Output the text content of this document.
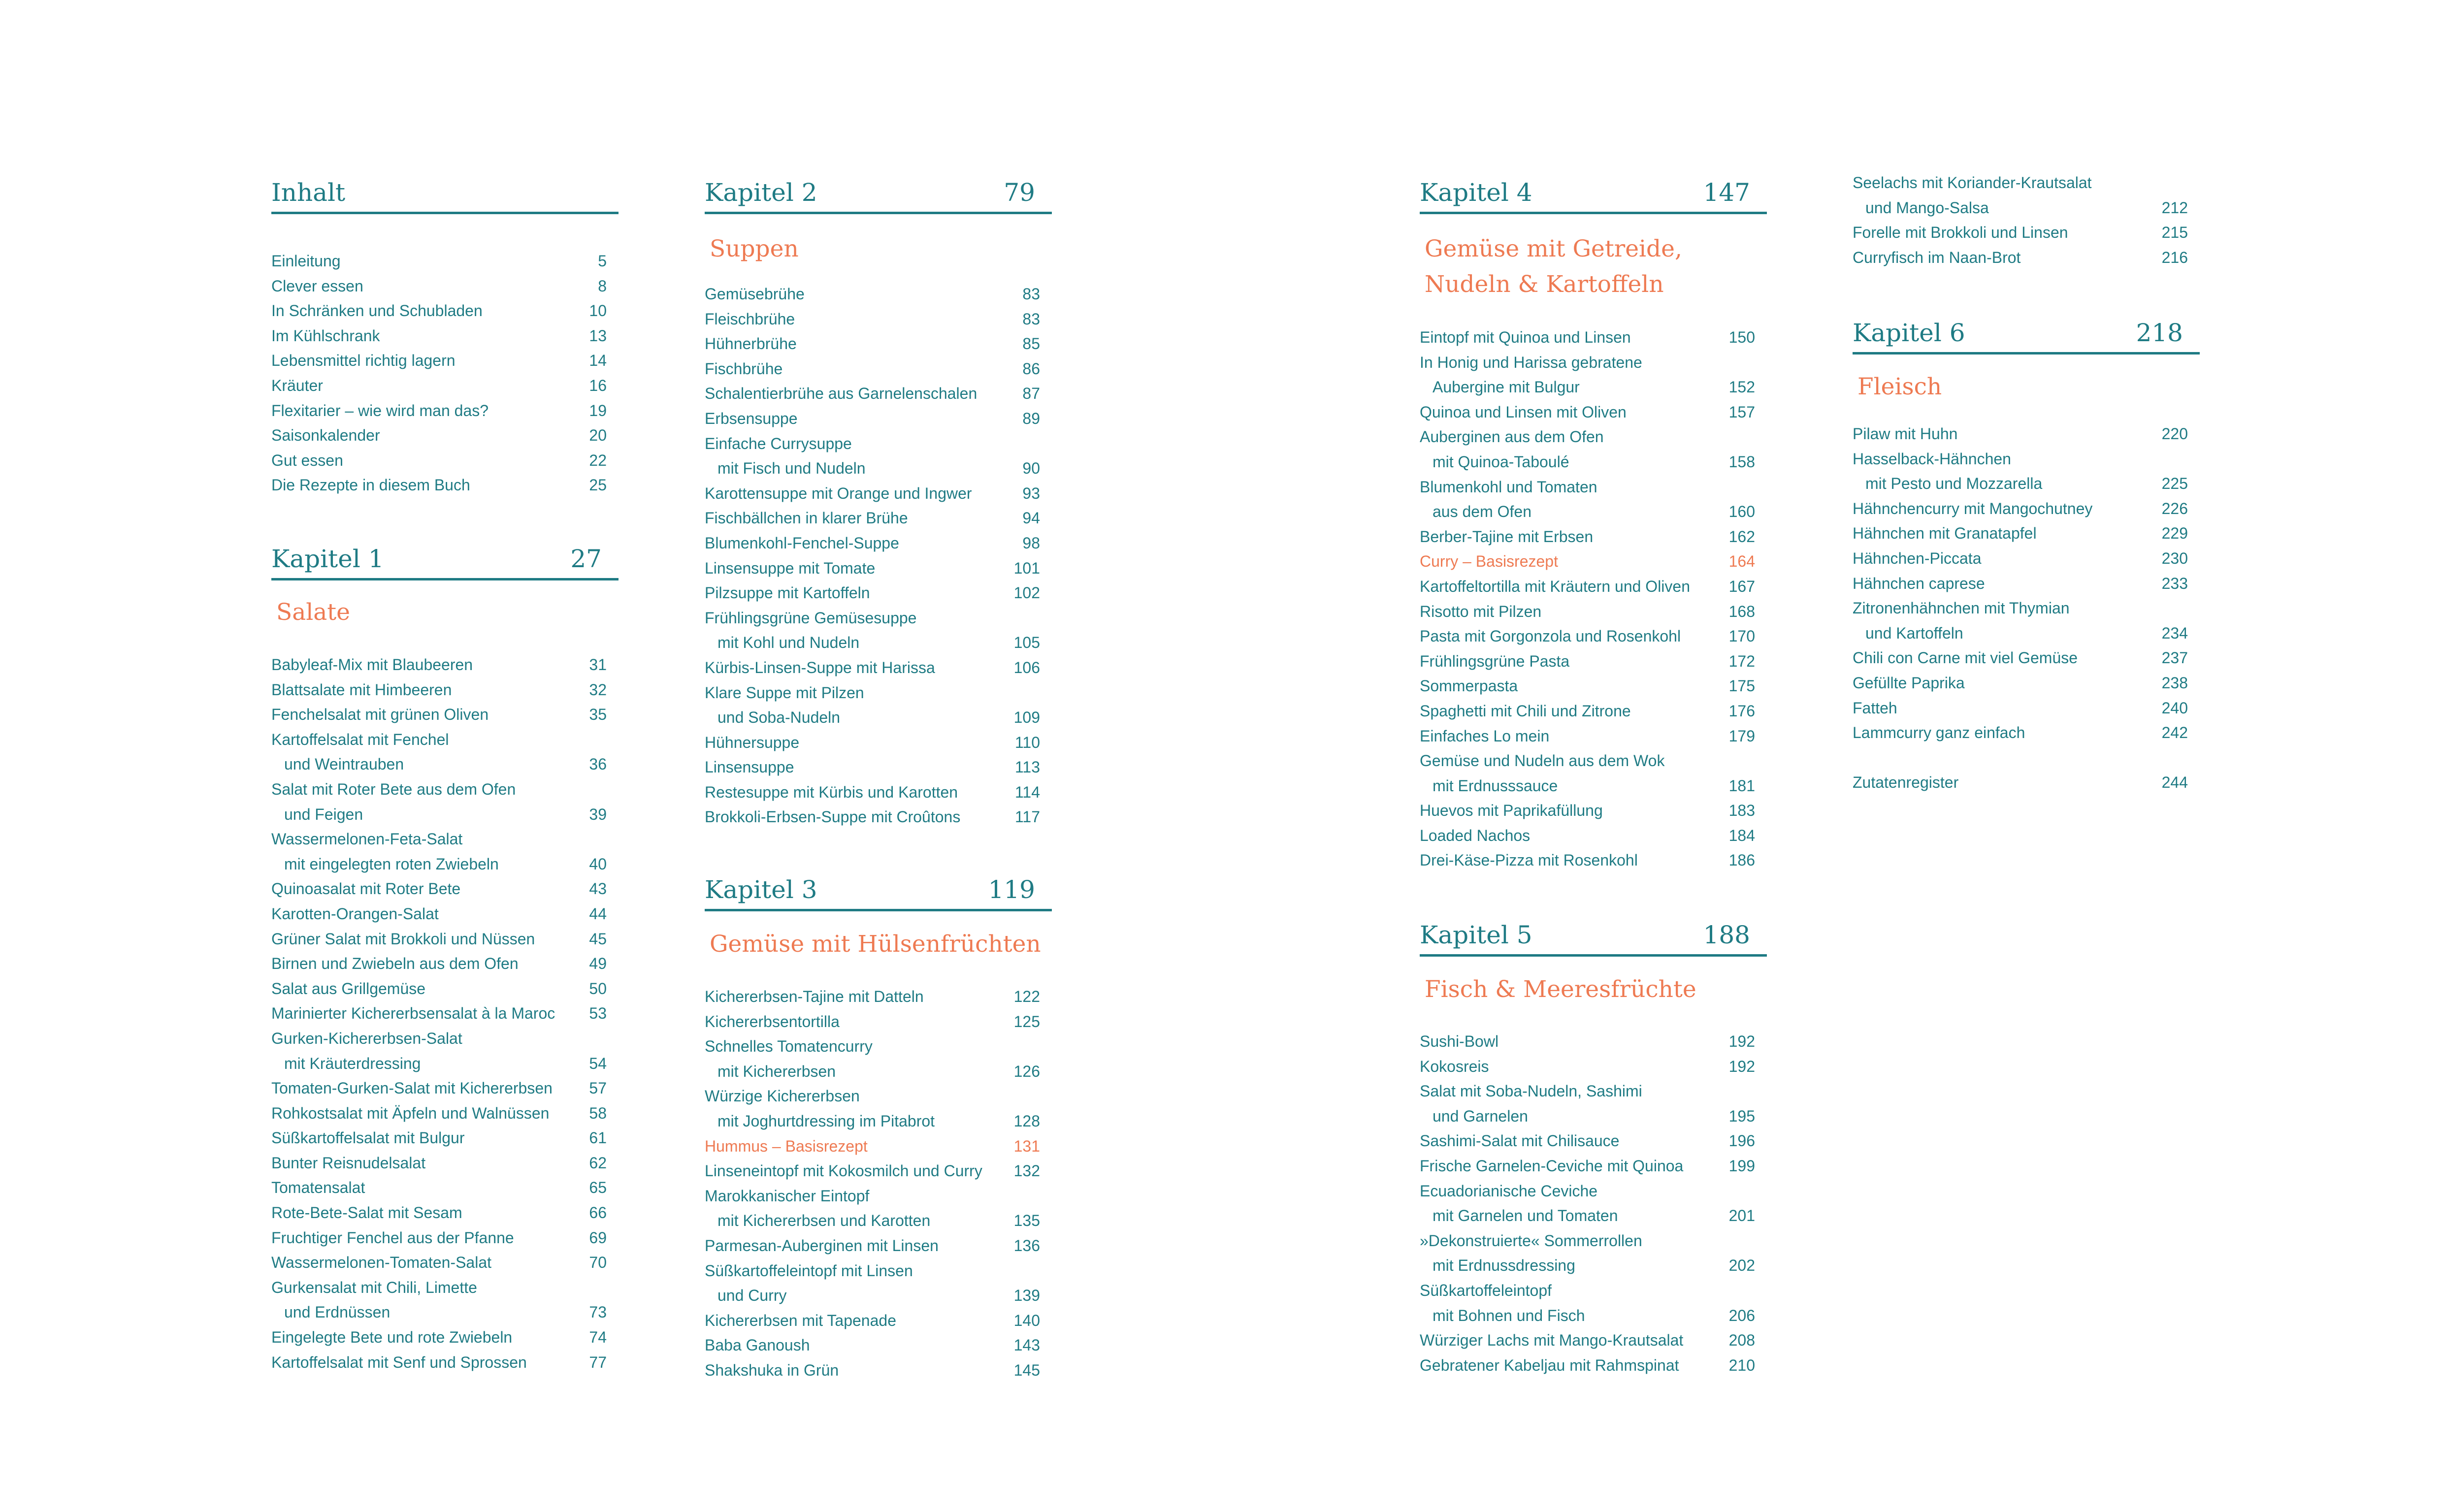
Inhalt
Einleitung	5
Clever essen	8
In Schränken und Schubladen	10
Im Kühlschrank	13
Lebensmittel richtig lagern	14
Kräuter	16
Flexitarier – wie wird man das?	19
Saisonkalender	20
Gut essen	22
Die Rezepte in diesem Buch	25
Kapitel 1	27
Salate
Babyleaf-Mix mit Blaubeeren	31
Blattsalate mit Himbeeren	32
Fenchelsalat mit grünen Oliven	35
Kartoffelsalat mit Fenchel
und Weintrauben	36
Salat mit Roter Bete aus dem Ofen
und Feigen	39
Wassermelonen-Feta-Salat
mit eingelegten roten Zwiebeln	40
Quinoasalat mit Roter Bete	43
Karotten-Orangen-Salat	44
Grüner Salat mit Brokkoli und Nüssen	45
Birnen und Zwiebeln aus dem Ofen	49
Salat aus Grillgemüse	50
Marinierter Kichererbsensalat à la Maroc 53
Gurken-Kichererbsen-Salat
mit Kräuterdressing	54
Tomaten-Gurken-Salat mit Kichererbsen 57
Rohkostsalat mit Äpfeln und Walnüssen	58
Süßkartoffelsalat mit Bulgur	61
Bunter Reisnudelsalat	62
Tomatensalat	65
Rote-Bete-Salat mit Sesam	66
Fruchtiger Fenchel aus der Pfanne	69
Wassermelonen-Tomaten-Salat	70
Gurkensalat mit Chili, Limette
und Erdnüssen	73
Eingelegte Bete und rote Zwiebeln	74
Kartoffelsalat mit Senf und Sprossen	77
Kapitel 2	79
Suppen
Gemüsebrühe	83
Fleischbrühe	83
Hühnerbrühe	85
Fischbrühe	86
Schalentierbrühe aus Garnelenschalen	87
Erbsensuppe	89
Einfache Currysuppe
mit Fisch und Nudeln	90
Karottensuppe mit Orange und Ingwer	93
Fischbällchen in klarer Brühe	94
Blumenkohl-Fenchel-Suppe	98
Linsensuppe mit Tomate	101
Pilzsuppe mit Kartoffeln	102
Frühlingsgrüne Gemüsesuppe
mit Kohl und Nudeln	105
Kürbis-Linsen-Suppe mit Harissa	106
Klare Suppe mit Pilzen
und Soba-Nudeln	109
Hühnersuppe	110
Linsensuppe	113
Restesuppe mit Kürbis und Karotten	114
Brokkoli-Erbsen-Suppe mit Croûtons	117
Kapitel 3	119
Gemüse mit Hülsenfrüchten
Kichererbsen-Tajine mit Datteln	122
Kichererbsentortilla	125
Schnelles Tomatencurry
mit Kichererbsen	126
Würzige Kichererbsen
mit Joghurtdressing im Pitabrot	128
Hummus – Basisrezept	131
Linseneintopf mit Kokosmilch und Curry 132
Marokkanischer Eintopf
mit Kichererbsen und Karotten	135
Parmesan-Auberginen mit Linsen	136
Süßkartoffeleintopf mit Linsen
und Curry	139
Kichererbsen mit Tapenade	140
Baba Ganoush	143
Shakshuka in Grün	145
Kapitel 4	147
Gemüse mit Getreide,
Nudeln & Kartoffeln
Eintopf mit Quinoa und Linsen	150
In Honig und Harissa gebratene
Aubergine mit Bulgur	152
Quinoa und Linsen mit Oliven	157
Auberginen aus dem Ofen
mit Quinoa-Taboulé	158
Blumenkohl und Tomaten
aus dem Ofen	160
Berber-Tajine mit Erbsen	162
Curry – Basisrezept	164
Kartoffeltortilla mit Kräutern und Oliven 167
Risotto mit Pilzen	168
Pasta mit Gorgonzola und Rosenkohl	170
Frühlingsgrüne Pasta	172
Sommerpasta	175
Spaghetti mit Chili und Zitrone	176
Einfaches Lo mein	179
Gemüse und Nudeln aus dem Wok
mit Erdnusssauce	181
Huevos mit Paprikafüllung	183
Loaded Nachos	184
Drei-Käse-Pizza mit Rosenkohl	186
Kapitel 5	188
Fisch & Meeresfrüchte
Sushi-Bowl	192
Kokosreis	192
Salat mit Soba-Nudeln, Sashimi
und Garnelen	195
Sashimi-Salat mit Chilisauce	196
Frische Garnelen-Ceviche mit Quinoa	199
Ecuadorianische Ceviche
mit Garnelen und Tomaten	201
»Dekonstruierte« Sommerrollen
mit Erdnussdressing	202
Süßkartoffeleintopf
mit Bohnen und Fisch	206
Würziger Lachs mit Mango-Krautsalat	208
Gebratener Kabeljau mit Rahmspinat	210
Seelachs mit Koriander-Krautsalat
und Mango-Salsa	212
Forelle mit Brokkoli und Linsen	215
Curryfisch im Naan-Brot	216
Kapitel 6	218
Fleisch
Pilaw mit Huhn	220
Hasselback-Hähnchen
mit Pesto und Mozzarella	225
Hähnchencurry mit Mangochutney	226
Hähnchen mit Granatapfel	229
Hähnchen-Piccata	230
Hähnchen caprese	233
Zitronenhähnchen mit Thymian
und Kartoffeln	234
Chili con Carne mit viel Gemüse	237
Gefüllte Paprika	238
Fatteh	240
Lammcurry ganz einfach	242
Zutatenregister	244
